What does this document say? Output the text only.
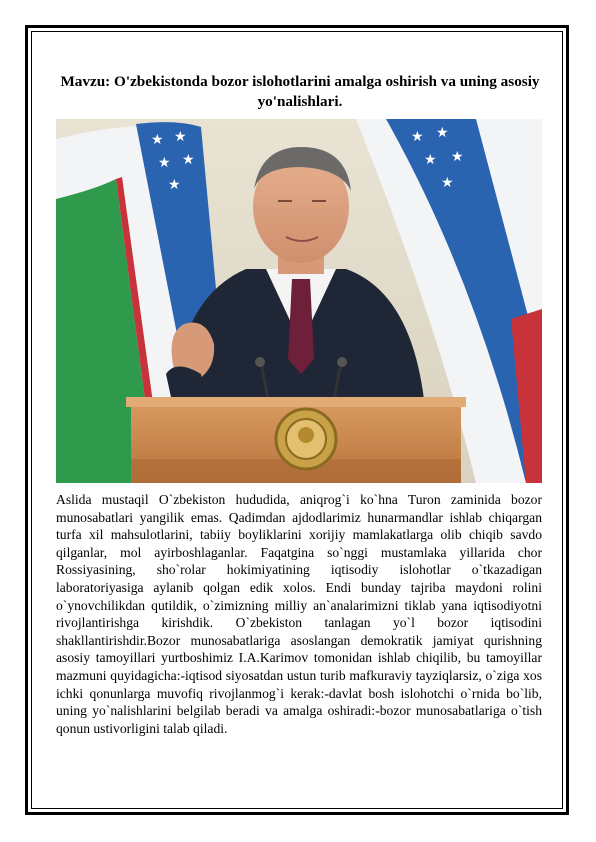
Mavzu: O'zbekistonda bozor islohotlarini amalga oshirish va uning asosiy yo'nalishlari.
★ ★
★ ★
★
★ ★
★ ★
★
Aslida mustaqil O`zbekiston hududida, aniqrog`i ko`hna Turon zaminida bozor munosabatlari yangilik emas. Qadimdan ajdodlarimiz hunarmandlar ishlab chiqargan turfa xil mahsulotlarini, tabiiy boyliklarini xorijiy mamlakatlarga olib chiqib savdo qilganlar, mol ayirboshlaganlar. Faqatgina so`nggi mustamlaka yillarida chor Rossiyasining, sho`rolar hokimiyatining iqtisodiy islohotlar o`tkazadigan laboratoriyasiga aylanib qolgan edik xolos. Endi bunday tajriba maydoni rolini o`ynovchilikdan qutildik, o`zimizning milliy an`analarimizni tiklab yana iqtisodiyotni rivojlantirishga kirishdik. O`zbekiston tanlagan yo`l bozor iqtisodini shakllantirishdir.Bozor munosabatlariga asoslangan demokratik jamiyat qurishning asosiy tamoyillari yurtboshimiz I.A.Karimov tomonidan ishlab chiqilib, bu tamoyillar mazmuni quyidagicha:-iqtisod siyosatdan ustun turib mafkuraviy tayziqlarsiz, o`ziga xos ichki qonunlarga muvofiq rivojlanmog`i kerak:-davlat bosh islohotchi o`rnida bo`lib, uning yo`nalishlarini belgilab beradi va amalga oshiradi:-bozor munosabatlariga o`tish qonun ustivorligini talab qiladi.
